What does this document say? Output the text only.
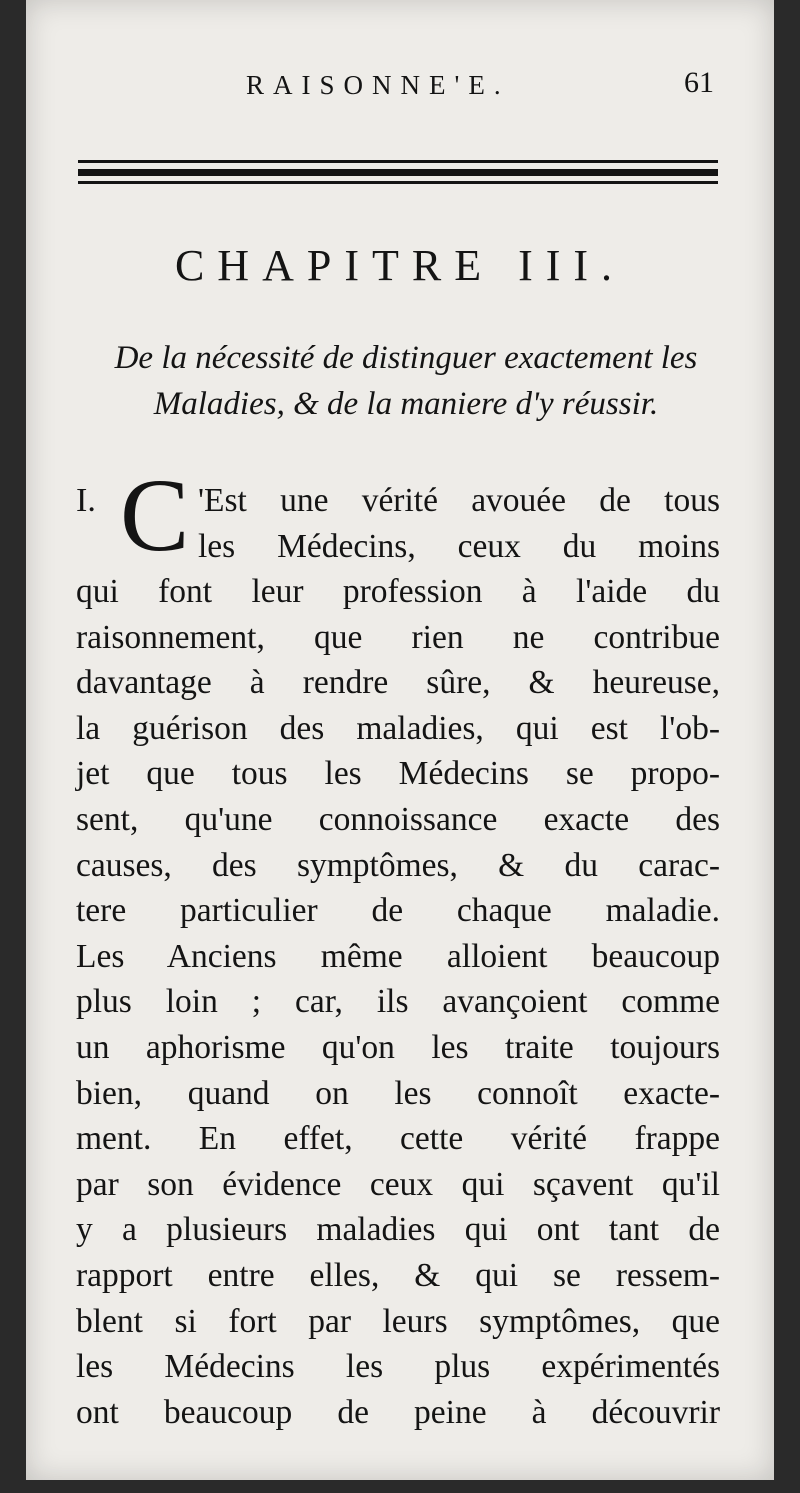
RAISONNE'E.	61
CHAPITRE III.
De la nécessité de distinguer exactement les
Maladies, & de la maniere d'y réussir.
I. C 'Est une vérité avouée de tous
les Médecins, ceux du moins
qui font leur profession à l'aide du
raisonnement, que rien ne contribue
davantage à rendre sûre, & heureuse,
la guérison des maladies, qui est l'ob-
jet que tous les Médecins se propo-
sent, qu'une connoissance exacte des
causes, des symptômes, & du carac-
tere particulier de chaque maladie.
Les Anciens même alloient beaucoup
plus loin ; car, ils avançoient comme
un aphorisme qu'on les traite toujours
bien, quand on les connoît exacte-
ment. En effet, cette vérité frappe
par son évidence ceux qui sçavent qu'il
y a plusieurs maladies qui ont tant de
rapport entre elles, & qui se ressem-
blent si fort par leurs symptômes, que
les Médecins les plus expérimentés
ont beaucoup de peine à découvrir
